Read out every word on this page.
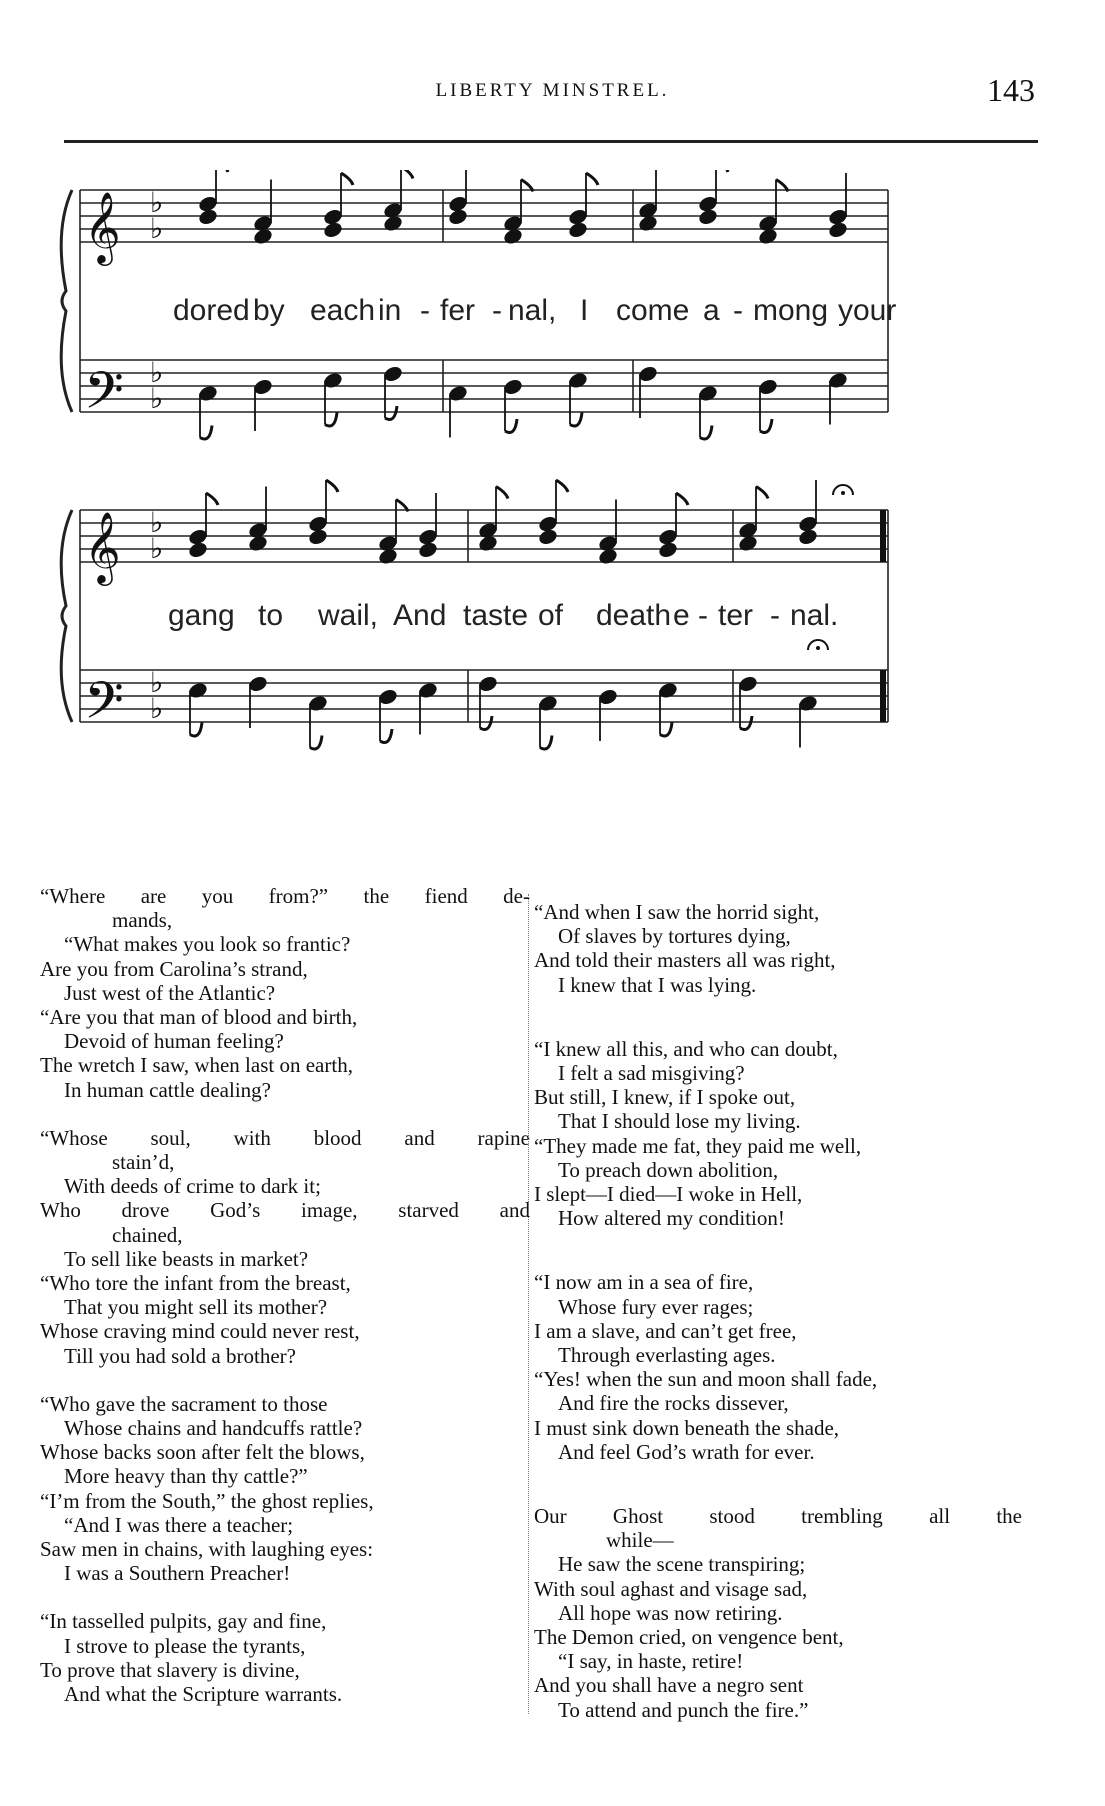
LIBERTY MINSTREL.	143
𝄞
𝄞
𝄢
𝄢
♭
♭
♭
♭
♭
♭
♭
♭
dored by each in - fer - nal, I come a - mong your
gang to wail, And taste of death e - ter - nal.
“Where are you from?” the fiend de-
mands,
“What makes you look so frantic?
Are you from Carolina’s strand,
Just west of the Atlantic?
“Are you that man of blood and birth,
Devoid of human feeling?
The wretch I saw, when last on earth,
In human cattle dealing?
“Whose soul, with blood and rapine
stain’d,
With deeds of crime to dark it;
Who drove God’s image, starved and
chained,
To sell like beasts in market?
“Who tore the infant from the breast,
That you might sell its mother?
Whose craving mind could never rest,
Till you had sold a brother?
“Who gave the sacrament to those
Whose chains and handcuffs rattle?
Whose backs soon after felt the blows,
More heavy than thy cattle?”
“I’m from the South,” the ghost replies,
“And I was there a teacher;
Saw men in chains, with laughing eyes:
I was a Southern Preacher!
“In tasselled pulpits, gay and fine,
I strove to please the tyrants,
To prove that slavery is divine,
And what the Scripture warrants.
“And when I saw the horrid sight,
Of slaves by tortures dying,
And told their masters all was right,
I knew that I was lying.
“I knew all this, and who can doubt,
I felt a sad misgiving?
But still, I knew, if I spoke out,
That I should lose my living.
“They made me fat, they paid me well,
To preach down abolition,
I slept—I died—I woke in Hell,
How altered my condition!
“I now am in a sea of fire,
Whose fury ever rages;
I am a slave, and can’t get free,
Through everlasting ages.
“Yes! when the sun and moon shall fade,
And fire the rocks dissever,
I must sink down beneath the shade,
And feel God’s wrath for ever.
Our Ghost stood trembling all the
while—
He saw the scene transpiring;
With soul aghast and visage sad,
All hope was now retiring.
The Demon cried, on vengence bent,
“I say, in haste, retire!
And you shall have a negro sent
To attend and punch the fire.”
